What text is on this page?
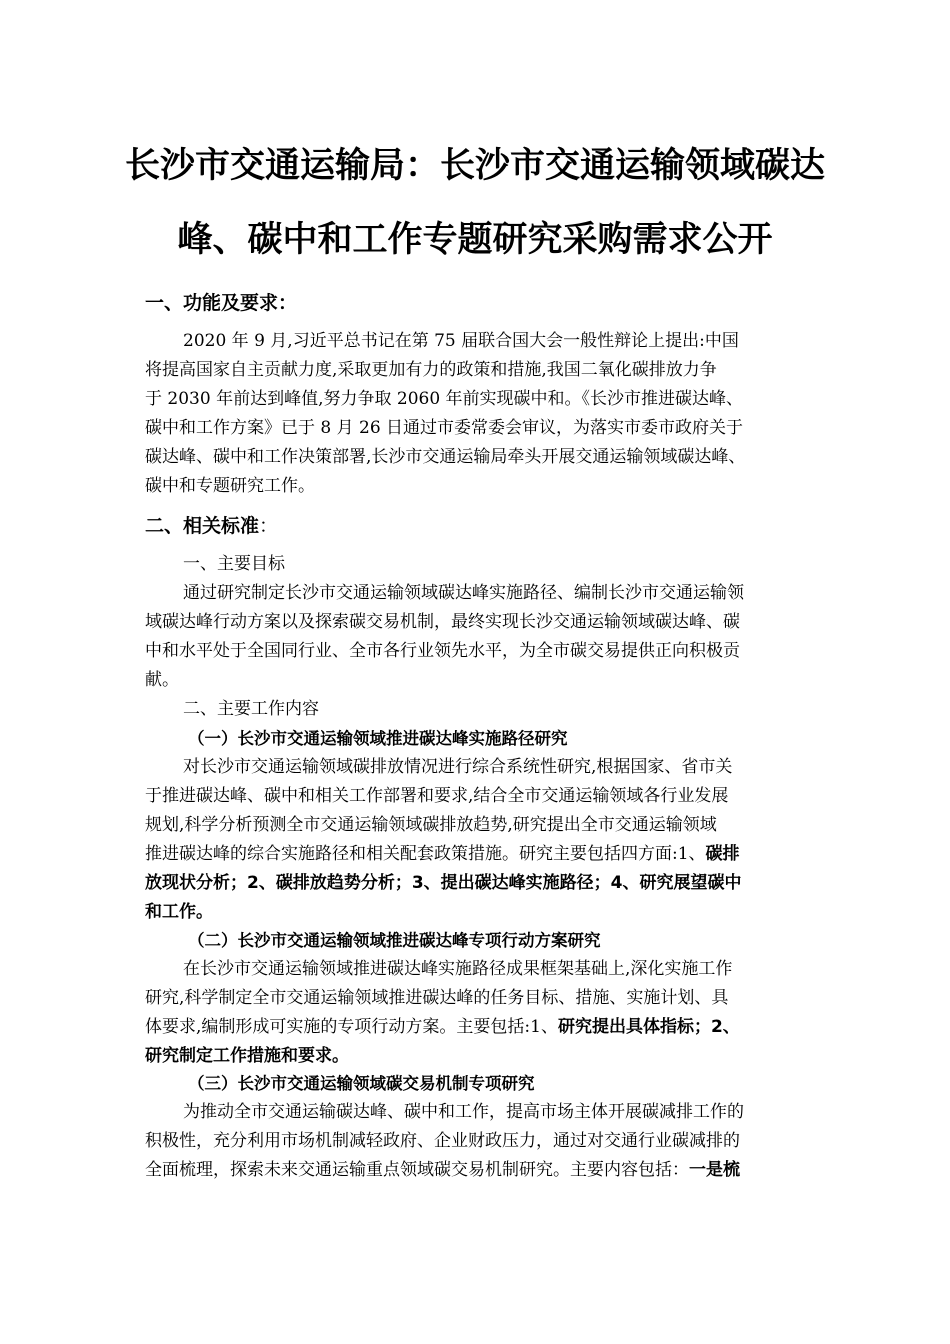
长沙市交通运输局：长沙市交通运输领域碳达
峰、碳中和工作专题研究采购需求公开
一、功能及要求：
2020 年 9 月,习近平总书记在第 75 届联合国大会一般性辩论上提出:中国
将提高国家自主贡献力度,采取更加有力的政策和措施,我国二氧化碳排放力争
于 2030 年前达到峰值,努力争取 2060 年前实现碳中和。《长沙市推进碳达峰、
碳中和工作方案》已于 8 月 26 日通过市委常委会审议，为落实市委市政府关于
碳达峰、碳中和工作决策部署,长沙市交通运输局牵头开展交通运输领域碳达峰、
碳中和专题研究工作。
二、相关标准：
一、主要目标
通过研究制定长沙市交通运输领域碳达峰实施路径、编制长沙市交通运输领
域碳达峰行动方案以及探索碳交易机制，最终实现长沙交通运输领域碳达峰、碳
中和水平处于全国同行业、全市各行业领先水平，为全市碳交易提供正向积极贡
献。
二、主要工作内容
（一）长沙市交通运输领域推进碳达峰实施路径研究
对长沙市交通运输领域碳排放情况进行综合系统性研究,根据国家、省市关
于推进碳达峰、碳中和相关工作部署和要求,结合全市交通运输领域各行业发展
规划,科学分析预测全市交通运输领域碳排放趋势,研究提出全市交通运输领域
推进碳达峰的综合实施路径和相关配套政策措施。研究主要包括四方面:1、碳排
放现状分析；2、碳排放趋势分析；3、提出碳达峰实施路径；4、研究展望碳中
和工作。
（二）长沙市交通运输领域推进碳达峰专项行动方案研究
在长沙市交通运输领域推进碳达峰实施路径成果框架基础上,深化实施工作
研究,科学制定全市交通运输领域推进碳达峰的任务目标、措施、实施计划、具
体要求,编制形成可实施的专项行动方案。主要包括:1、研究提出具体指标；2、
研究制定工作措施和要求。
（三）长沙市交通运输领域碳交易机制专项研究
为推动全市交通运输碳达峰、碳中和工作，提高市场主体开展碳减排工作的
积极性，充分利用市场机制减轻政府、企业财政压力，通过对交通行业碳减排的
全面梳理，探索未来交通运输重点领域碳交易机制研究。主要内容包括：一是梳
